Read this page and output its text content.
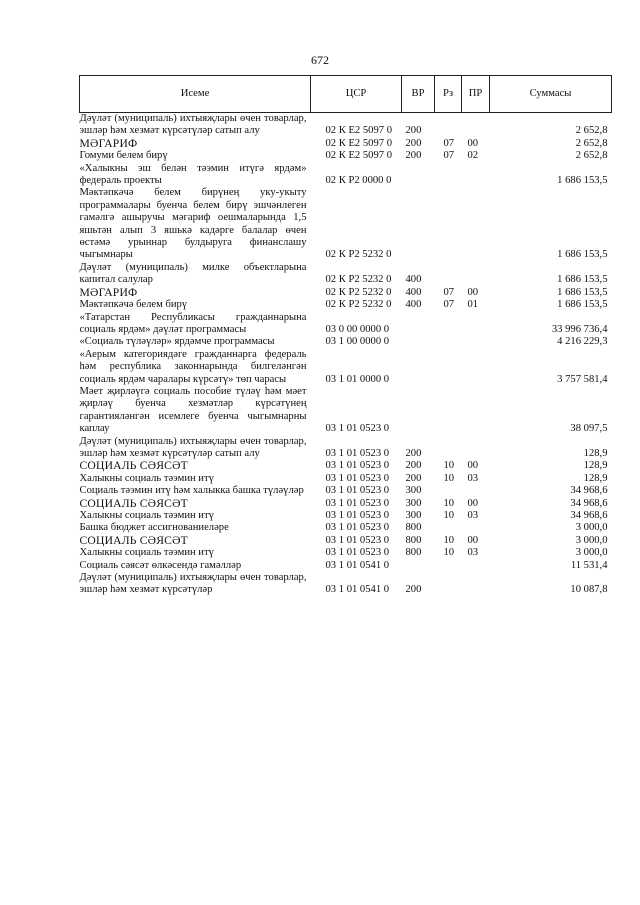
672
Исеме	ЦСР	ВР	Рз	ПР	Суммасы
Дәүләт (муниципаль) ихтыяҗлары өчен товарлар, эшләр һәм хезмәт күрсәтүләр сатып алу	02 К Е2 5097 0	200			2 652,8
МӘГАРИФ	02 К Е2 5097 0	200	07	00	2 652,8
Гомуми белем бирү	02 К Е2 5097 0	200	07	02	2 652,8
«Халыкны эш белән тәэмин итүгә ярдәм» федераль проекты	02 К Р2 0000 0				1 686 153,5
Мәктәпкәчә белем бирүнең уку-укыту программалары буенча белем бирү эшчәнлеген гамәлгә ашыручы мәгариф оешмаларында 1,5 яшьтән алып 3 яшькә кадәрге балалар өчен өстәмә урыннар булдыруга финанслашу чыгымнары	02 К Р2 5232 0				1 686 153,5
Дәүләт (муниципаль) милке объектларына капитал салулар	02 К Р2 5232 0	400			1 686 153,5
МӘГАРИФ	02 К Р2 5232 0	400	07	00	1 686 153,5
Мәктәпкәчә белем бирү	02 К Р2 5232 0	400	07	01	1 686 153,5
«Татарстан Республикасы гражданнарына социаль ярдәм» дәүләт программасы	03 0 00 0000 0				33 996 736,4
«Социаль түләүләр» ярдәмче программасы	03 1 00 0000 0				4 216 229,3
«Аерым категориядәге гражданнарга федераль һәм республика законнарында билгеләнгән социаль ярдәм чаралары күрсәтү» төп чарасы	03 1 01 0000 0				3 757 581,4
Мәет җирләүгә социаль пособие түләү һәм мәет җирләү буенча хезмәтләр күрсәтүнең гарантияләнгән исемлеге буенча чыгымнарны каплау	03 1 01 0523 0				38 097,5
Дәүләт (муниципаль) ихтыяҗлары өчен товарлар, эшләр һәм хезмәт күрсәтүләр сатып алу	03 1 01 0523 0	200			128,9
СОЦИАЛЬ СӘЯСӘТ	03 1 01 0523 0	200	10	00	128,9
Халыкны социаль тәэмин итү	03 1 01 0523 0	200	10	03	128,9
Социаль тәэмин итү һәм халыкка башка түләүләр	03 1 01 0523 0	300			34 968,6
СОЦИАЛЬ СӘЯСӘТ	03 1 01 0523 0	300	10	00	34 968,6
Халыкны социаль тәэмин итү	03 1 01 0523 0	300	10	03	34 968,6
Башка бюджет ассигнованиеләре	03 1 01 0523 0	800			3 000,0
СОЦИАЛЬ СӘЯСӘТ	03 1 01 0523 0	800	10	00	3 000,0
Халыкны социаль тәэмин итү	03 1 01 0523 0	800	10	03	3 000,0
Социаль сәясәт өлкәсендә гамәлләр	03 1 01 0541 0				11 531,4
Дәүләт (муниципаль) ихтыяҗлары өчен товарлар, эшләр һәм хезмәт күрсәтүләр	03 1 01 0541 0	200			10 087,8
